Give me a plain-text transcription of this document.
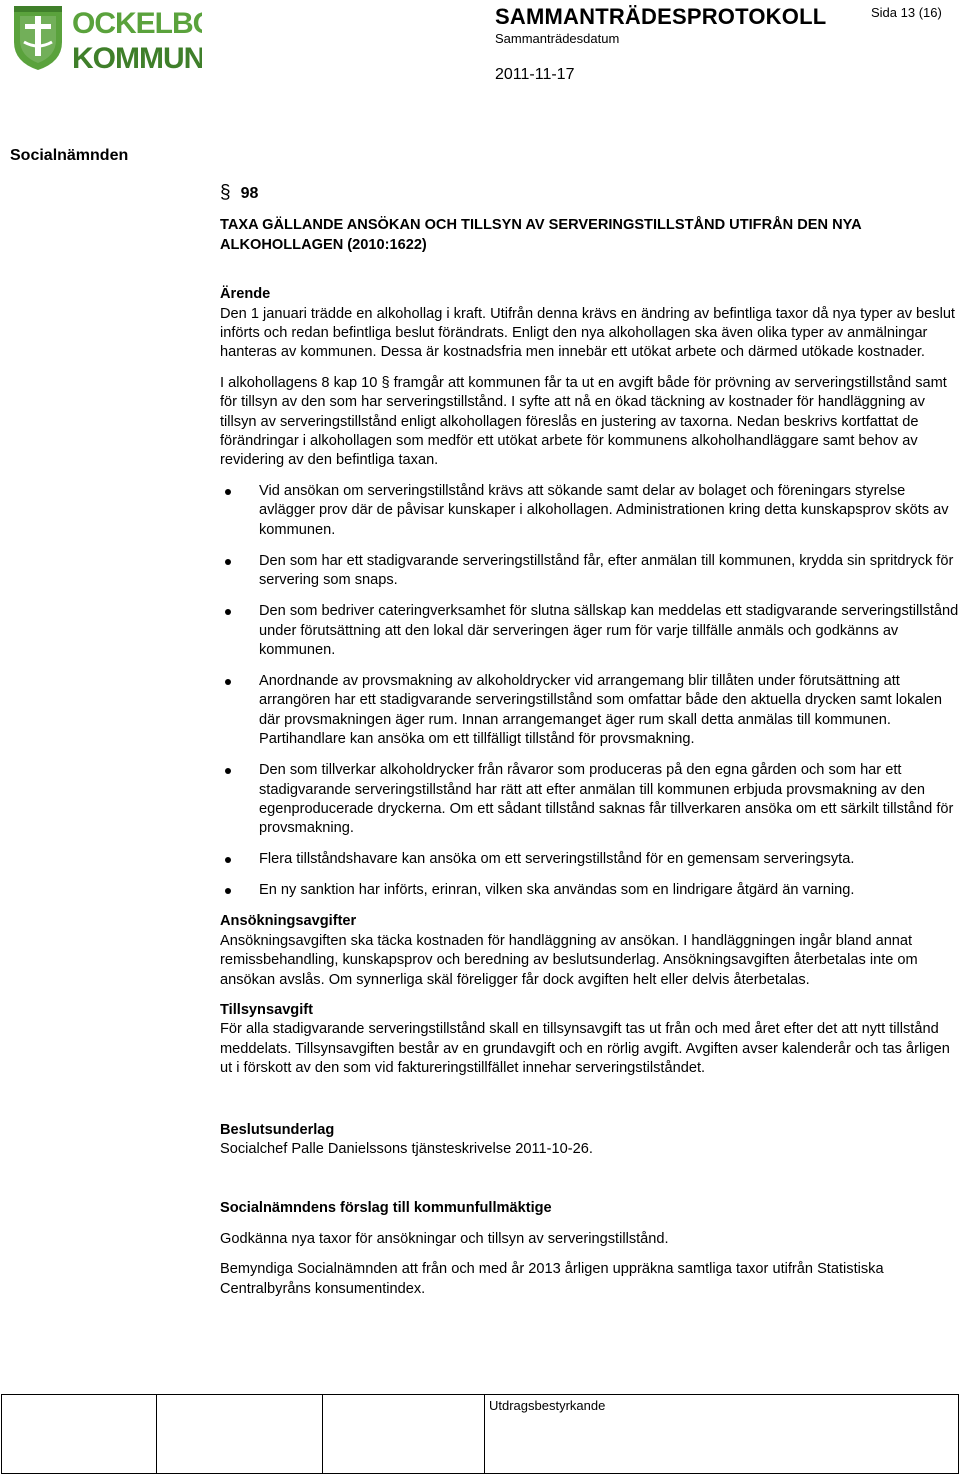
OCKELBO
KOMMUN
SAMMANTRÄDESPROTOKOLL
Sammanträdesdatum
Sida 13 (16)
2011-11-17
Socialnämnden

§ 98

TAXA GÄLLANDE ANSÖKAN OCH TILLSYN AV SERVERINGSTILLSTÅND UTIFRÅN DEN NYA ALKOHOLLAGEN (2010:1622)

Ärende

Den 1 januari trädde en alkohollag i kraft. Utifrån denna krävs en ändring av befintliga taxor då nya typer av beslut införts och redan befintliga beslut förändrats. Enligt den nya alkohollagen ska även olika typer av anmälningar hanteras av kommunen. Dessa är kostnadsfria men innebär ett utökat arbete och därmed utökade kostnader.

I alkohollagens 8 kap 10 § framgår att kommunen får ta ut en avgift både för prövning av serveringstillstånd samt för tillsyn av den som har serveringstillstånd. I syfte att nå en ökad täckning av kostnader för handläggning av tillsyn av serveringstillstånd enligt alkohollagen föreslås en justering av taxorna. Nedan beskrivs kortfattat de förändringar i alkohollagen som medför ett utökat arbete för kommunens alkoholhandläggare samt behov av revidering av den befintliga taxan.

Vid ansökan om serveringstillstånd krävs att sökande samt delar av bolaget och föreningars styrelse avlägger prov där de påvisar kunskaper i alkohollagen. Administrationen kring detta kunskapsprov sköts av kommunen.
Den som har ett stadigvarande serveringstillstånd får, efter anmälan till kommunen, krydda sin spritdryck för servering som snaps.
Den som bedriver cateringverksamhet för slutna sällskap kan meddelas ett stadigvarande serveringstillstånd under förutsättning att den lokal där serveringen äger rum för varje tillfälle anmäls och godkänns av kommunen.
Anordnande av provsmakning av alkoholdrycker vid arrangemang blir tillåten under förutsättning att arrangören har ett stadigvarande serveringstillstånd som omfattar både den aktuella drycken samt lokalen där provsmakningen äger rum. Innan arrangemanget äger rum skall detta anmälas till kommunen. Partihandlare kan ansöka om ett tillfälligt tillstånd för provsmakning.
Den som tillverkar alkoholdrycker från råvaror som produceras på den egna gården och som har ett stadigvarande serveringstillstånd har rätt att efter anmälan till kommunen erbjuda provsmakning av den egenproducerade dryckerna. Om ett sådant tillstånd saknas får tillverkaren ansöka om ett särkilt tillstånd för provsmakning.
Flera tillståndshavare kan ansöka om ett serveringstillstånd för en gemensam serveringsyta.
En ny sanktion har införts, erinran, vilken ska användas som en lindrigare åtgärd än varning.

Ansökningsavgifter

Ansökningsavgiften ska täcka kostnaden för handläggning av ansökan. I handläggningen ingår bland annat remissbehandling, kunskapsprov och beredning av beslutsunderlag. Ansökningsavgiften återbetalas inte om ansökan avslås. Om synnerliga skäl föreligger får dock avgiften helt eller delvis återbetalas.

Tillsynsavgift

För alla stadigvarande serveringstillstånd skall en tillsynsavgift tas ut från och med året efter det att nytt tillstånd meddelats. Tillsynsavgiften består av en grundavgift och en rörlig avgift. Avgiften avser kalenderår och tas årligen ut i förskott av den som vid faktureringstillfället innehar serveringstilståndet.

Beslutsunderlag

Socialchef Palle Danielssons tjänsteskrivelse 2011-10-26.

Socialnämndens förslag till kommunfullmäktige

Godkänna nya taxor för ansökningar och tillsyn av serveringstillstånd.

Bemyndiga Socialnämnden att från och med år 2013 årligen uppräkna samtliga taxor utifrån Statistiska Centralbyråns konsumentindex.

Utdragsbestyrkande
